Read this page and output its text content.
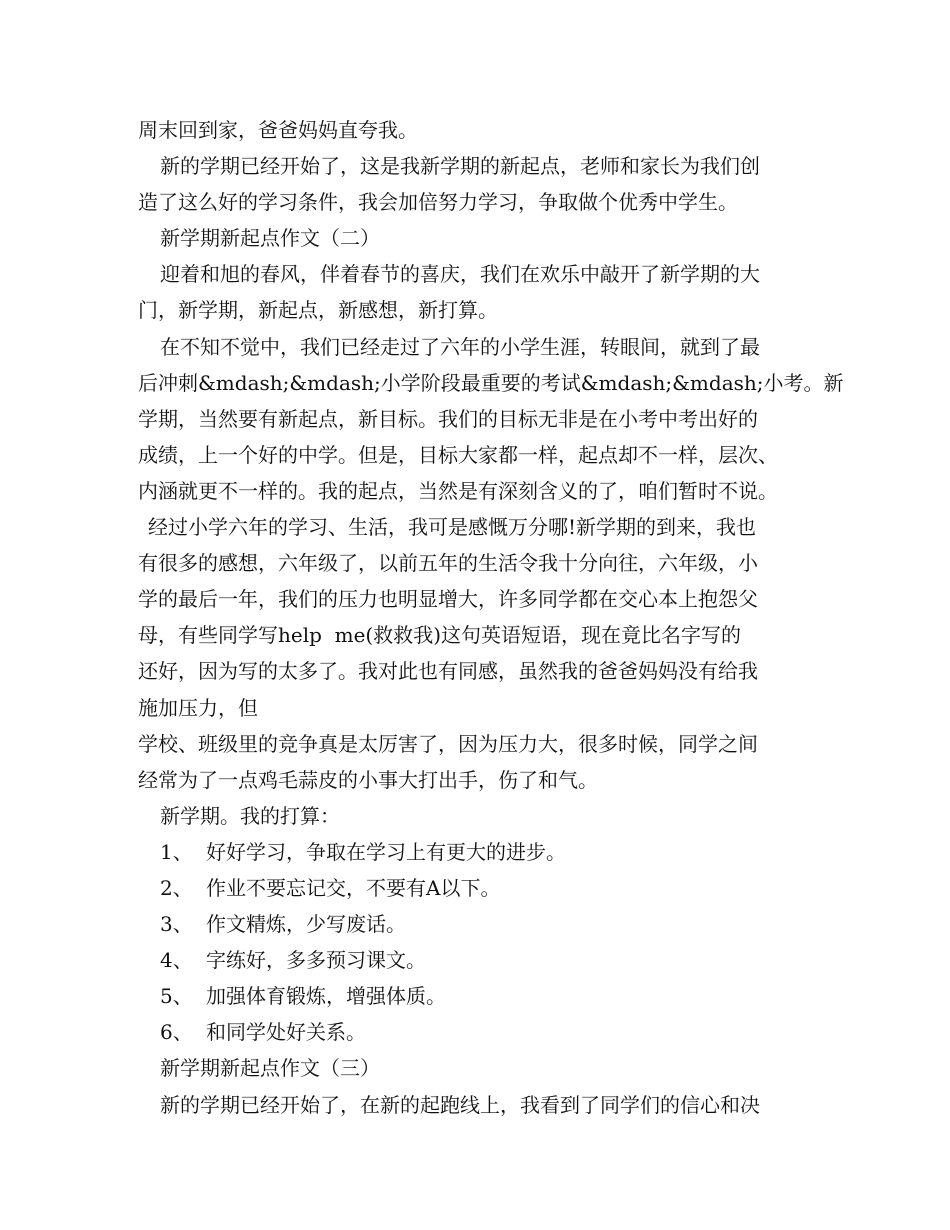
周末回到家，爸爸妈妈直夸我。
新的学期已经开始了，这是我新学期的新起点，老师和家长为我们创
造了这么好的学习条件，我会加倍努力学习，争取做个优秀中学生。
新学期新起点作文（二）
迎着和旭的春风，伴着春节的喜庆，我们在欢乐中敲开了新学期的大
门，新学期，新起点，新感想，新打算。
在不知不觉中，我们已经走过了六年的小学生涯，转眼间，就到了最
后冲刺&mdash;&mdash;小学阶段最重要的考试&mdash;&mdash;小考。新
学期，当然要有新起点，新目标。我们的目标无非是在小考中考出好的
成绩，上一个好的中学。但是，目标大家都一样，起点却不一样，层次、
内涵就更不一样的。我的起点，当然是有深刻含义的了，咱们暂时不说。
经过小学六年的学习、生活，我可是感慨万分哪!新学期的到来，我也
有很多的感想，六年级了，以前五年的生活令我十分向往，六年级，小
学的最后一年，我们的压力也明显增大，许多同学都在交心本上抱怨父
母，有些同学写help  me(救救我)这句英语短语，现在竟比名字写的
还好，因为写的太多了。我对此也有同感，虽然我的爸爸妈妈没有给我
施加压力，但
学校、班级里的竞争真是太厉害了，因为压力大，很多时候，同学之间
经常为了一点鸡毛蒜皮的小事大打出手，伤了和气。
新学期。我的打算：
1、 好好学习，争取在学习上有更大的进步。
2、 作业不要忘记交，不要有A以下。
3、 作文精炼，少写废话。
4、 字练好，多多预习课文。
5、 加强体育锻炼，增强体质。
6、 和同学处好关系。
新学期新起点作文（三）
新的学期已经开始了，在新的起跑线上，我看到了同学们的信心和决
